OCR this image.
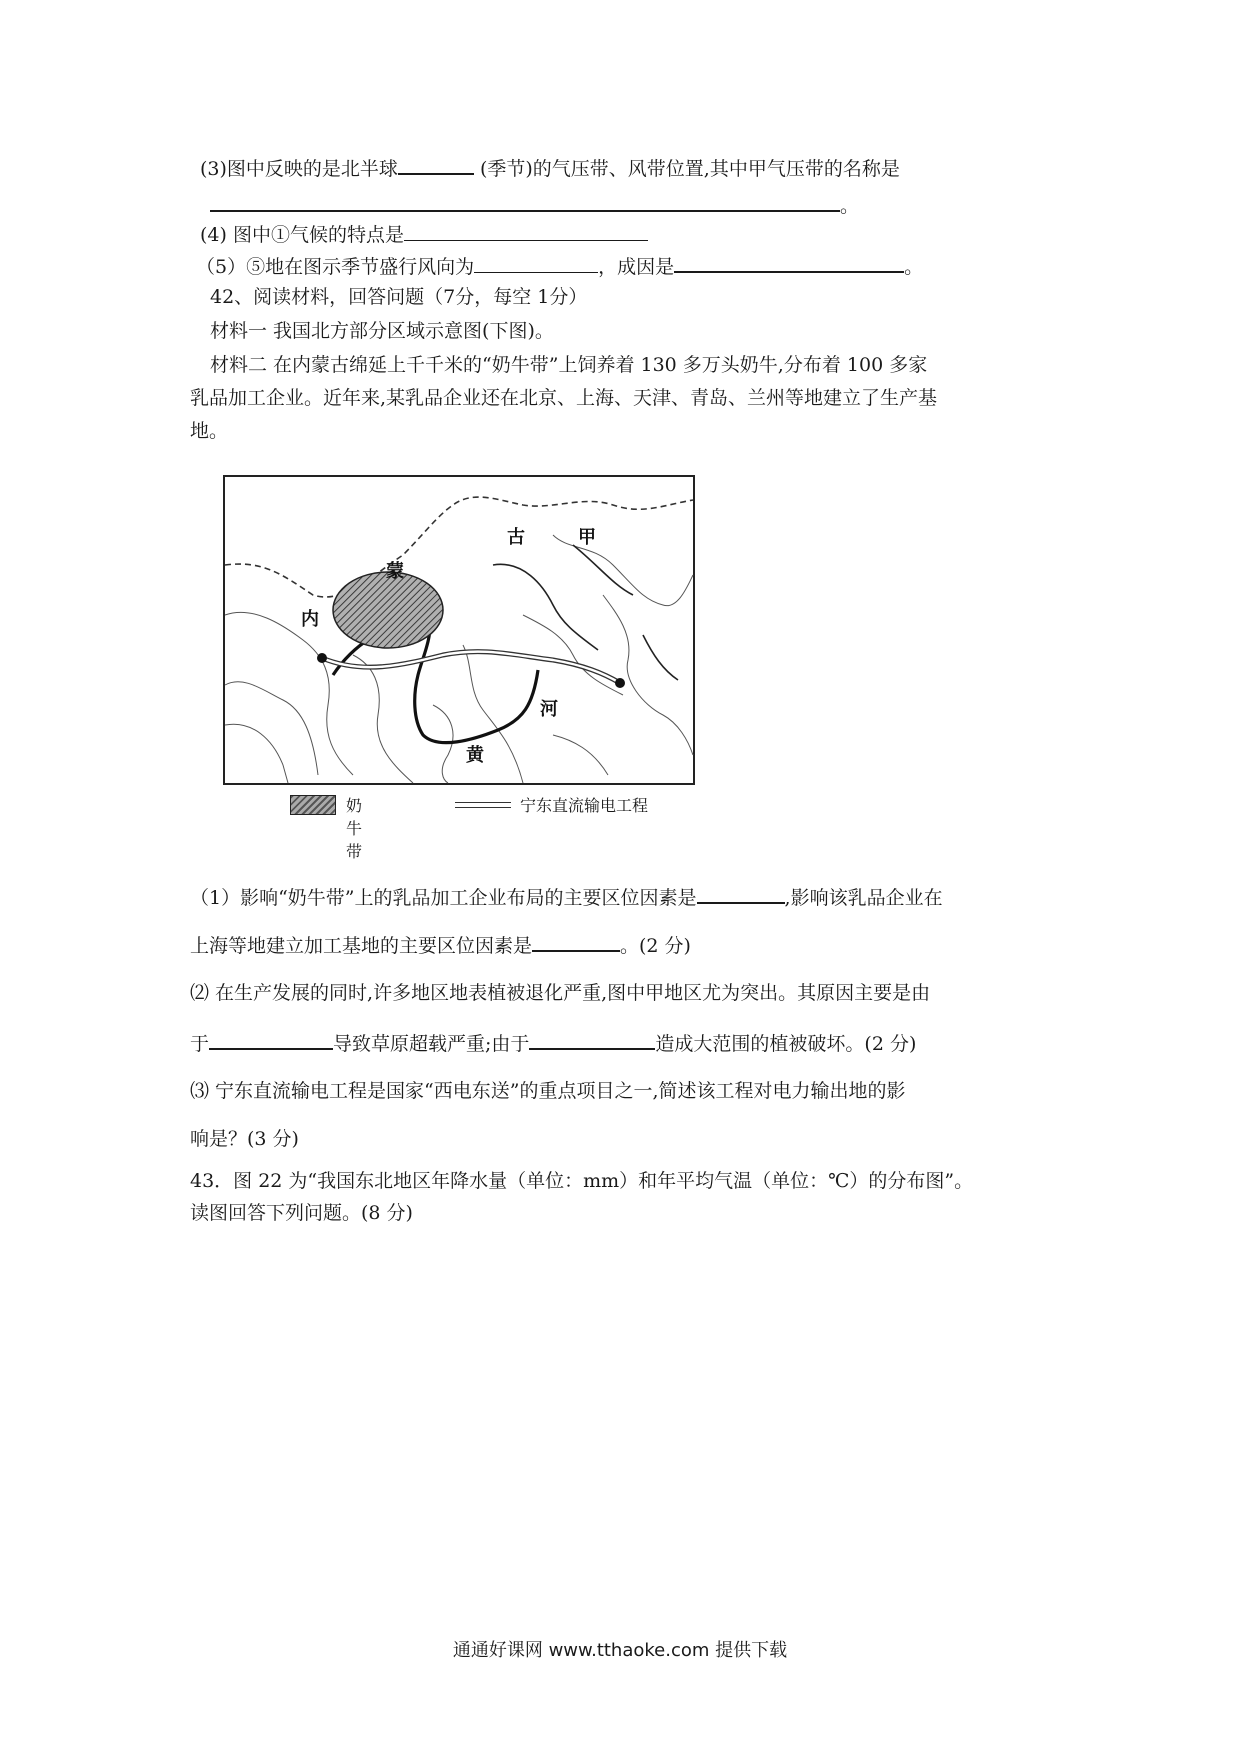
(3)图中反映的是北半球	(季节)的气压带、风带位置,其中甲气压带的名称是
。
(4) 图中①气候的特点是
（5）⑤地在图示季节盛行风向为	，成因是	。
42、阅读材料，回答问题（7分，每空 1分）
材料一 我国北方部分区域示意图(下图)。
材料二 在内蒙古绵延上千千米的“奶牛带”上饲养着 130 多万头奶牛,分布着 100 多家
乳品加工企业。近年来,某乳品企业还在北京、上海、天津、青岛、兰州等地建立了生产基
地。
古	甲
蒙
内
河
黄
奶牛带
宁东直流输电工程
（1）影响“奶牛带”上的乳品加工企业布局的主要区位因素是	,影响该乳品企业在
上海等地建立加工基地的主要区位因素是	。(2 分)
⑵ 在生产发展的同时,许多地区地表植被退化严重,图中甲地区尤为突出。其原因主要是由
于	导致草原超载严重;由于	造成大范围的植被破坏。(2 分)
⑶ 宁东直流输电工程是国家“西电东送”的重点项目之一,简述该工程对电力输出地的影
响是？(3 分)
43．图 22 为“我国东北地区年降水量（单位：mm）和年平均气温（单位：℃）的分布图”。
读图回答下列问题。(8 分)
通通好课网 www.tthaoke.com 提供下载
